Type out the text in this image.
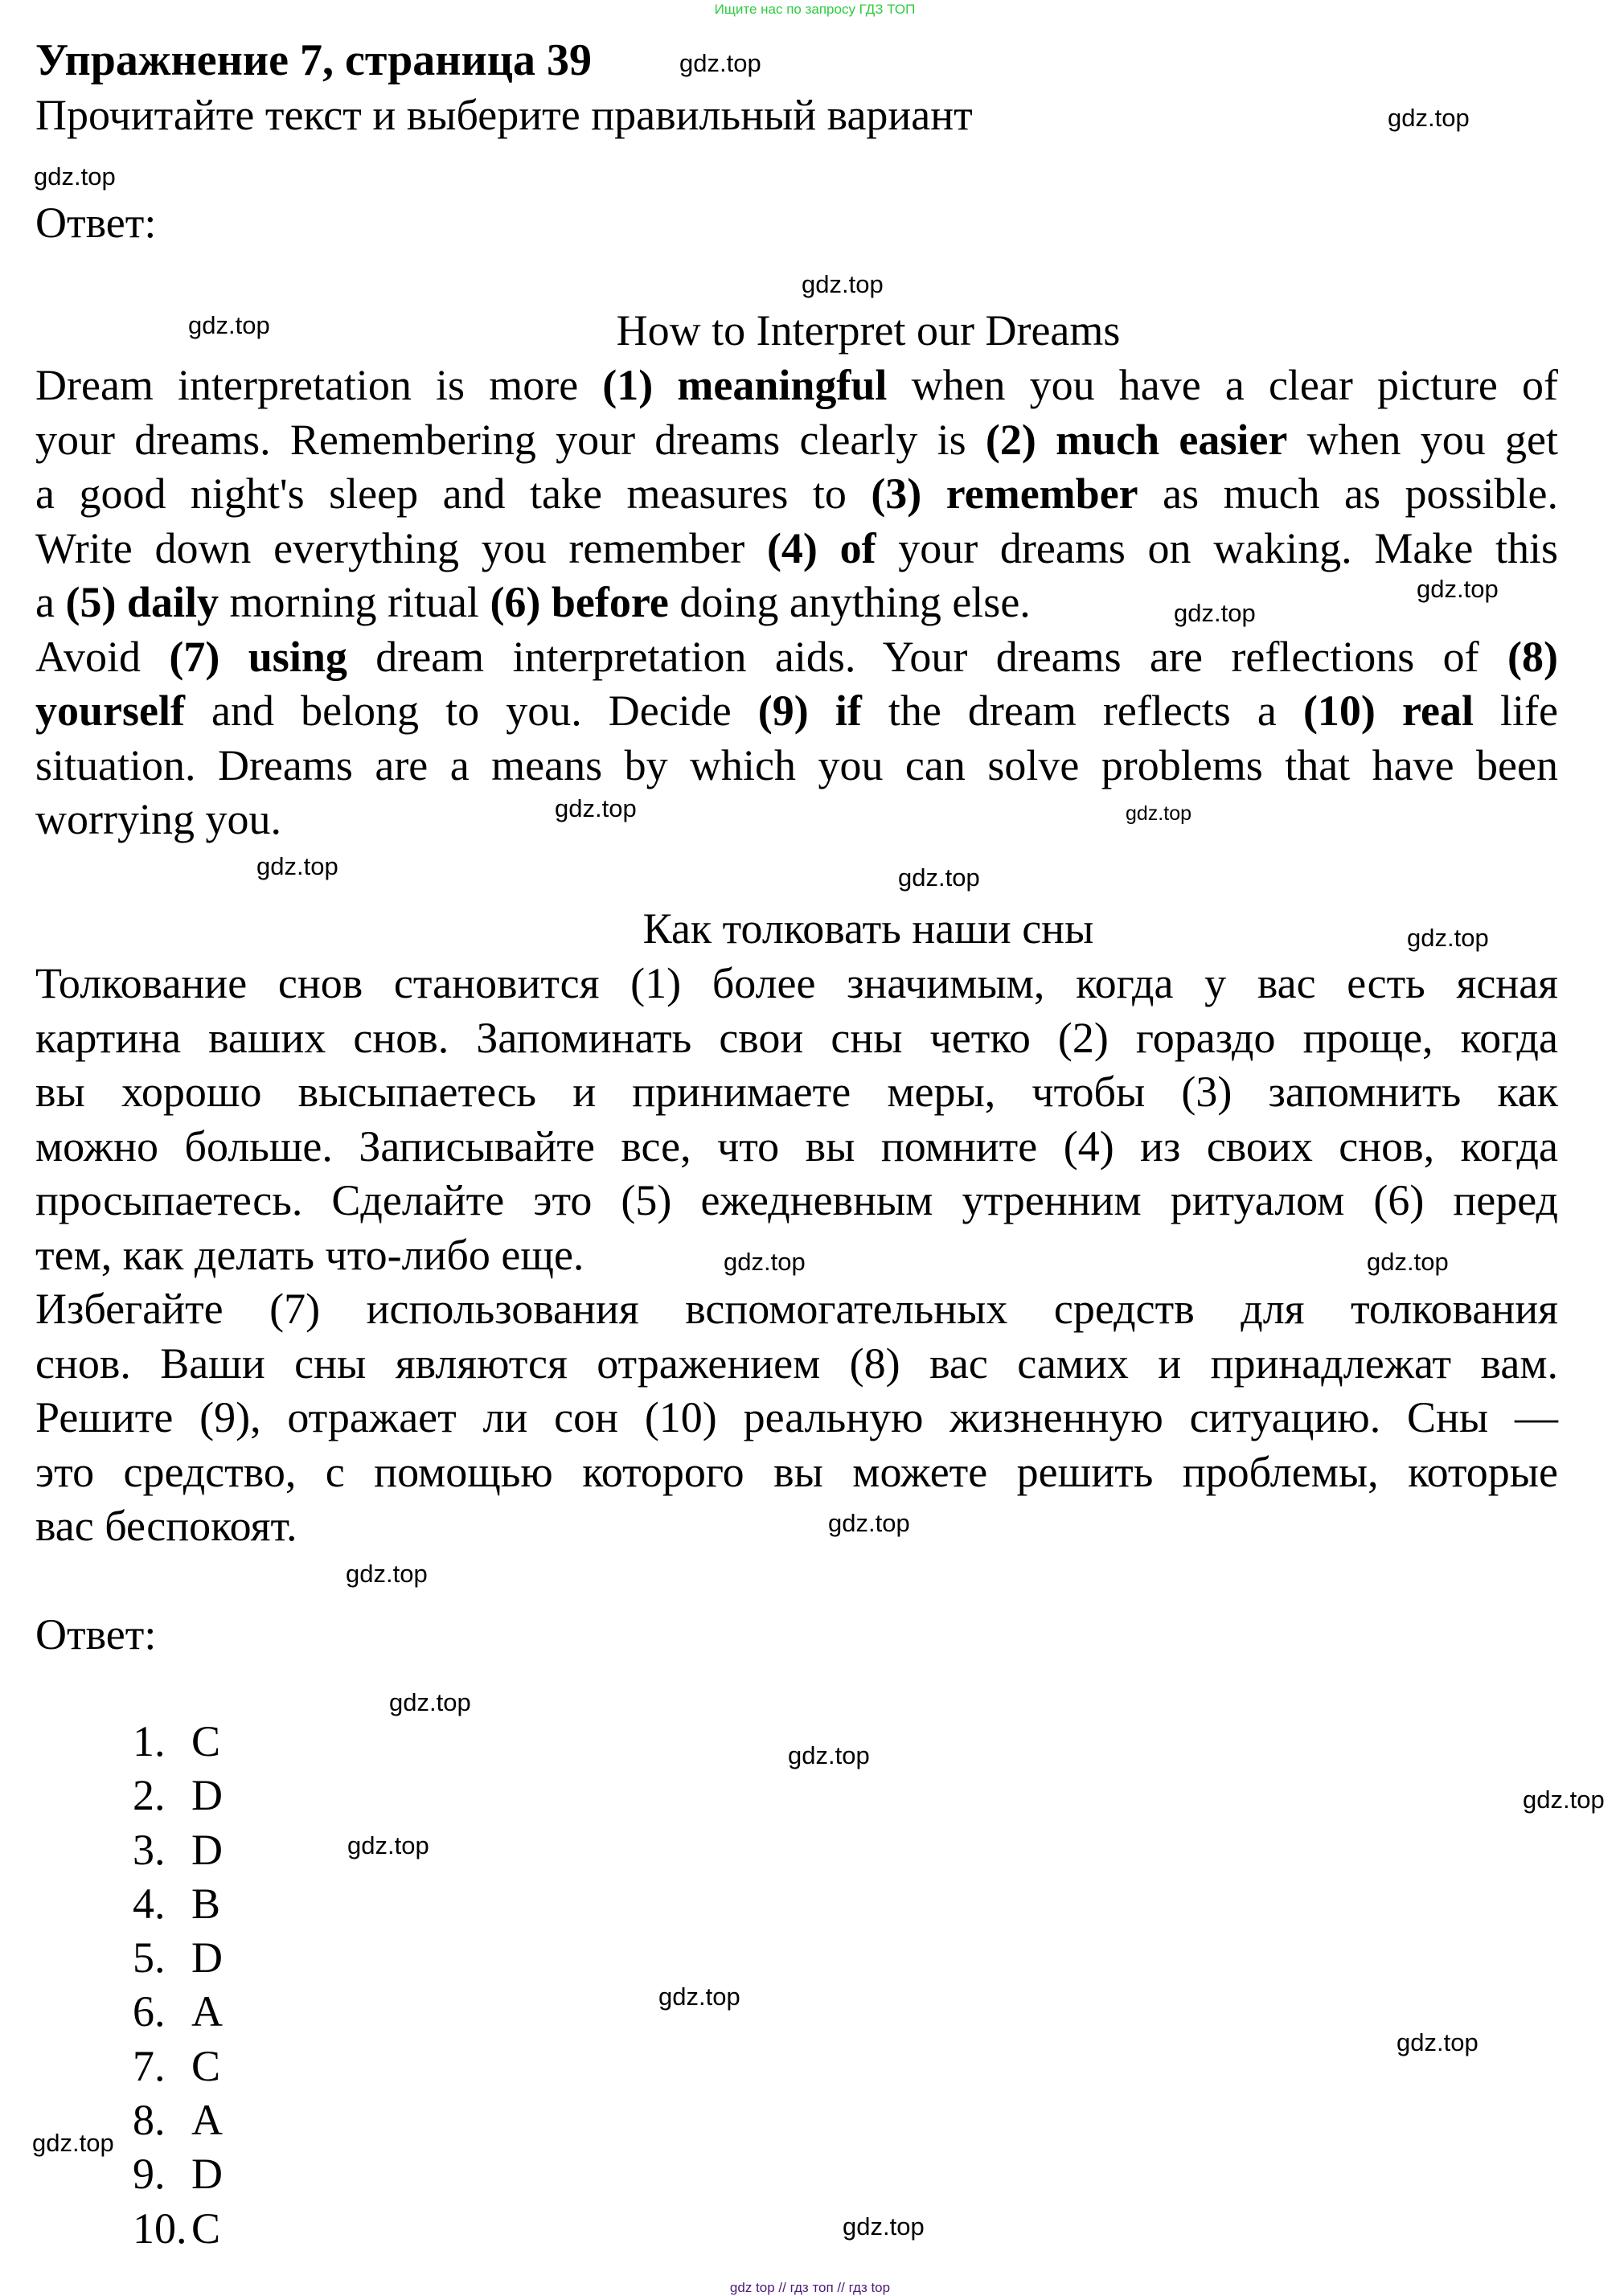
Ищите нас по запросу ГДЗ ТОП
Упражнение 7, страница 39
Прочитайте текст и выберите правильный вариант
Ответ:
How to Interpret our Dreams
Dream interpretation is more (1) meaningful when you have a clear picture of
your dreams. Remembering your dreams clearly is (2) much easier when you get
a good night's sleep and take measures to (3) remember as much as possible.
Write down everything you remember (4) of your dreams on waking. Make this
a (5) daily morning ritual (6) before doing anything else.
Avoid (7) using dream interpretation aids. Your dreams are reflections of (8)
yourself and belong to you. Decide (9) if the dream reflects a (10) real life
situation. Dreams are a means by which you can solve problems that have been
worrying you.
Как толковать наши сны
Толкование снов становится (1) более значимым, когда у вас есть ясная
картина ваших снов. Запоминать свои сны четко (2) гораздо проще, когда
вы хорошо высыпаетесь и принимаете меры, чтобы (3) запомнить как
можно больше. Записывайте все, что вы помните (4) из своих снов, когда
просыпаетесь. Сделайте это (5) ежедневным утренним ритуалом (6) перед
тем, как делать что-либо еще.
Избегайте (7) использования вспомогательных средств для толкования
снов. Ваши сны являются отражением (8) вас самих и принадлежат вам.
Решите (9), отражает ли сон (10) реальную жизненную ситуацию. Сны —
это средство, с помощью которого вы можете решить проблемы, которые
вас беспокоят.
Ответ:
1. C
2. D
3. D
4. B
5. D
6. A
7. C
8. A
9. D
10. C
gdz.top
gdz.top
gdz.top
gdz.top
gdz.top
gdz.top
gdz.top
gdz.top
gdz.top
gdz.top	gdz.top
gdz.top
gdz.top	gdz.top
gdz.top
gdz.top
gdz.top
gdz.top
gdz.top
gdz.top
gdz.top
gdz.top
gdz.top
gdz.top
gdz top // гдз топ // гдз top
